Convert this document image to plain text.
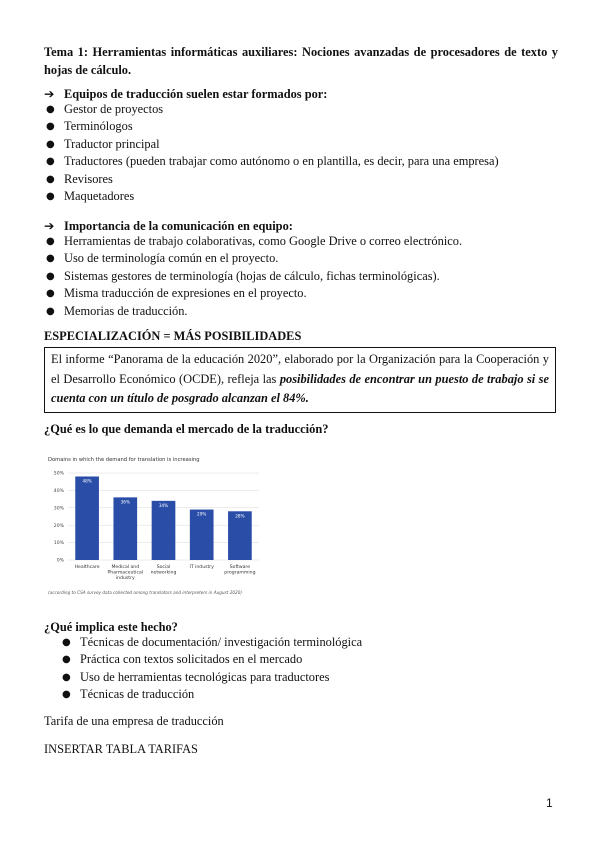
Tema 1: Herramientas informáticas auxiliares: Nociones avanzadas de procesadores de texto y hojas de cálculo.
➔ Equipos de traducción suelen estar formados por:
● Gestor de proyectos
● Terminólogos
● Traductor principal
● Traductores (pueden trabajar como autónomo o en plantilla, es decir, para una empresa)
● Revisores
● Maquetadores
➔ Importancia de la comunicación en equipo:
● Herramientas de trabajo colaborativas, como Google Drive o correo electrónico.
● Uso de terminología común en el proyecto.
● Sistemas gestores de terminología (hojas de cálculo, fichas terminológicas).
● Misma traducción de expresiones en el proyecto.
● Memorias de traducción.
ESPECIALIZACIÓN = MÁS POSIBILIDADES
El informe “Panorama de la educación 2020”, elaborado por la Organización para la Cooperación y el Desarrollo Económico (OCDE), refleja las posibilidades de encontrar un puesto de trabajo si se cuenta con un título de posgrado alcanzan el 84%.
¿Qué es lo que demanda el mercado de la traducción?
Domains in which the demand for translation is increasing
0%
10%
20%
30%
40%
50%
48%
36%
34%
29%	28%
Healthcare	Medical and Pharmaceutical industry
Social networking
IT industry	Software programming
(according to CSA survey data collected among translators and interpreters in August 2020)
¿Qué implica este hecho?
● Técnicas de documentación/ investigación terminológica
● Práctica con textos solicitados en el mercado
● Uso de herramientas tecnológicas para traductores
● Técnicas de traducción
Tarifa de una empresa de traducción
INSERTAR TABLA TARIFAS
1
